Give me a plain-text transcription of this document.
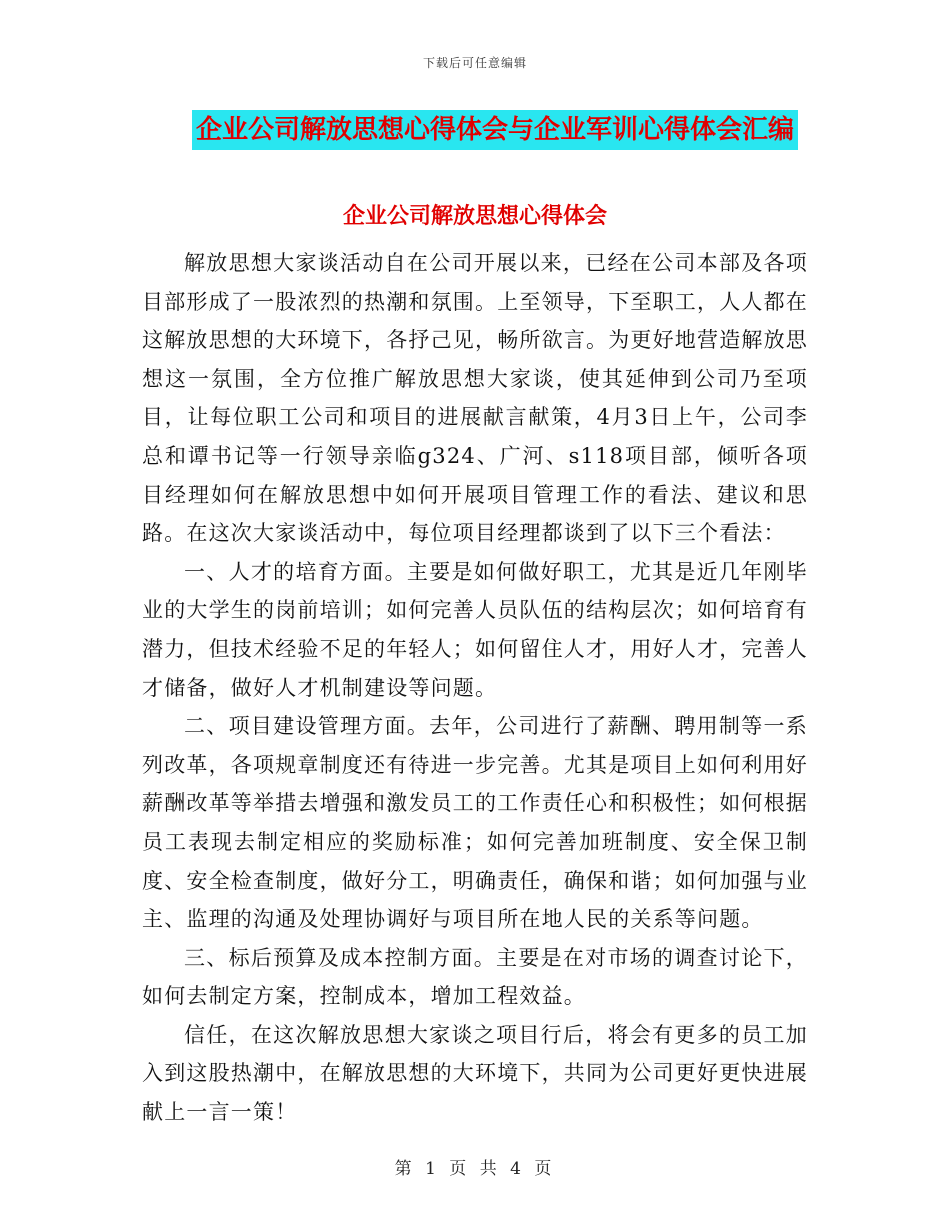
下载后可任意编辑
企业公司解放思想心得体会与企业军训心得体会汇编
企业公司解放思想心得体会

解放思想大家谈活动自在公司开展以来，已经在公司本部及各项目部形成了一股浓烈的热潮和氛围。上至领导，下至职工，人人都在这解放思想的大环境下，各抒己见，畅所欲言。为更好地营造解放思想这一氛围，全方位推广解放思想大家谈，使其延伸到公司乃至项目，让每位职工公司和项目的进展献言献策，4月3日上午，公司李总和谭书记等一行领导亲临g324、广河、s118项目部，倾听各项目经理如何在解放思想中如何开展项目管理工作的看法、建议和思路。在这次大家谈活动中，每位项目经理都谈到了以下三个看法：

一、人才的培育方面。主要是如何做好职工，尤其是近几年刚毕业的大学生的岗前培训；如何完善人员队伍的结构层次；如何培育有潜力，但技术经验不足的年轻人；如何留住人才，用好人才，完善人才储备，做好人才机制建设等问题。

二、项目建设管理方面。去年，公司进行了薪酬、聘用制等一系列改革，各项规章制度还有待进一步完善。尤其是项目上如何利用好薪酬改革等举措去增强和激发员工的工作责任心和积极性；如何根据员工表现去制定相应的奖励标准；如何完善加班制度、安全保卫制度、安全检查制度，做好分工，明确责任，确保和谐；如何加强与业主、监理的沟通及处理协调好与项目所在地人民的关系等问题。

三、标后预算及成本控制方面。主要是在对市场的调查讨论下，如何去制定方案，控制成本，增加工程效益。

信任，在这次解放思想大家谈之项目行后，将会有更多的员工加入到这股热潮中，在解放思想的大环境下，共同为公司更好更快进展献上一言一策！

第 1 页 共 4 页
